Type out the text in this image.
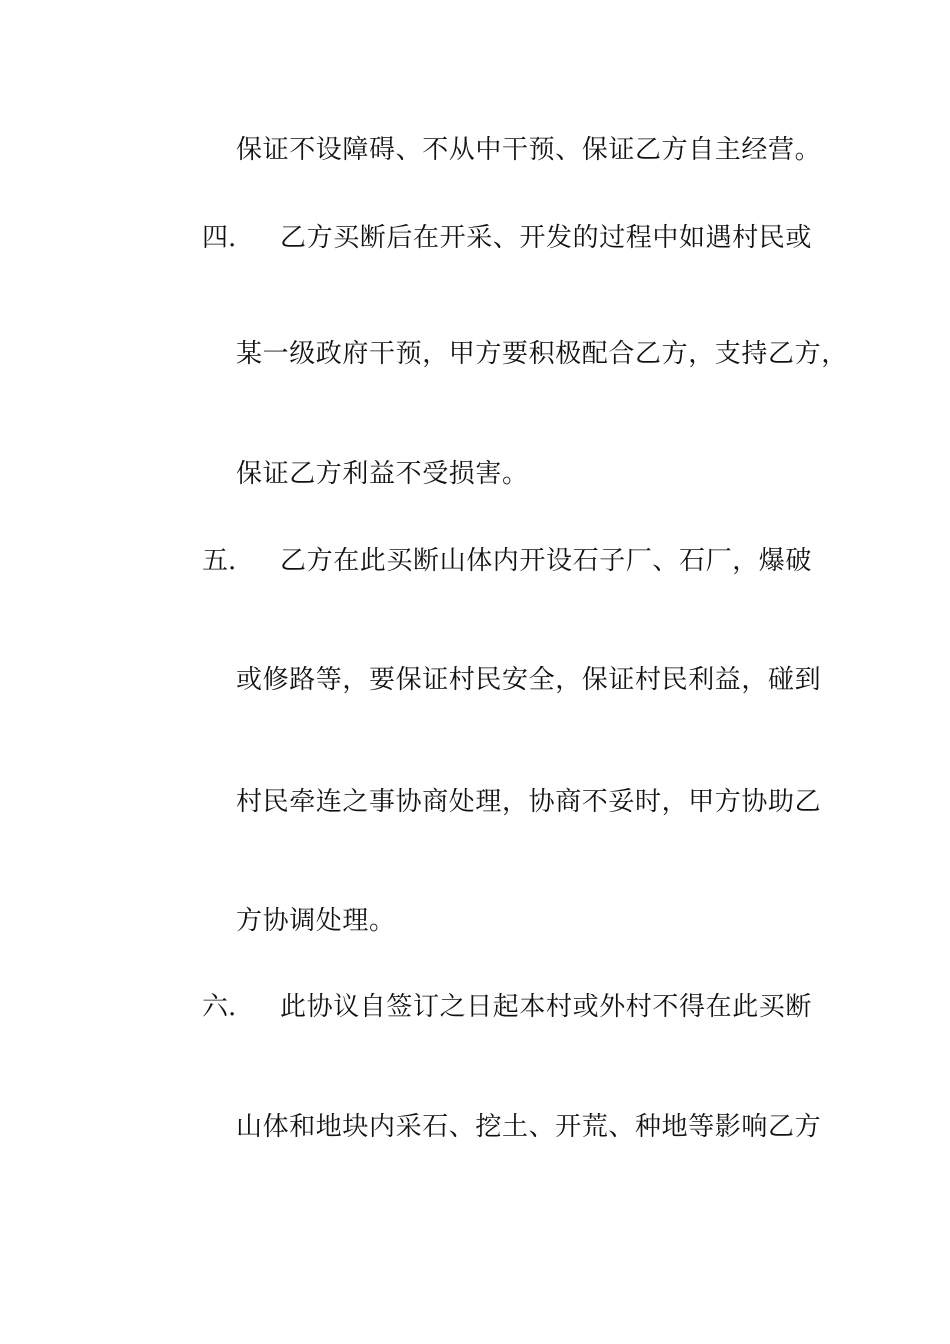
保证不设障碍、不从中干预、保证乙方自主经营。
四. 乙方买断后在开采、开发的过程中如遇村民或
某一级政府干预，甲方要积极配合乙方，支持乙方，
保证乙方利益不受损害。
五. 乙方在此买断山体内开设石子厂、石厂，爆破
或修路等，要保证村民安全，保证村民利益，碰到
村民牵连之事协商处理，协商不妥时，甲方协助乙
方协调处理。
六. 此协议自签订之日起本村或外村不得在此买断
山体和地块内采石、挖土、开荒、种地等影响乙方
